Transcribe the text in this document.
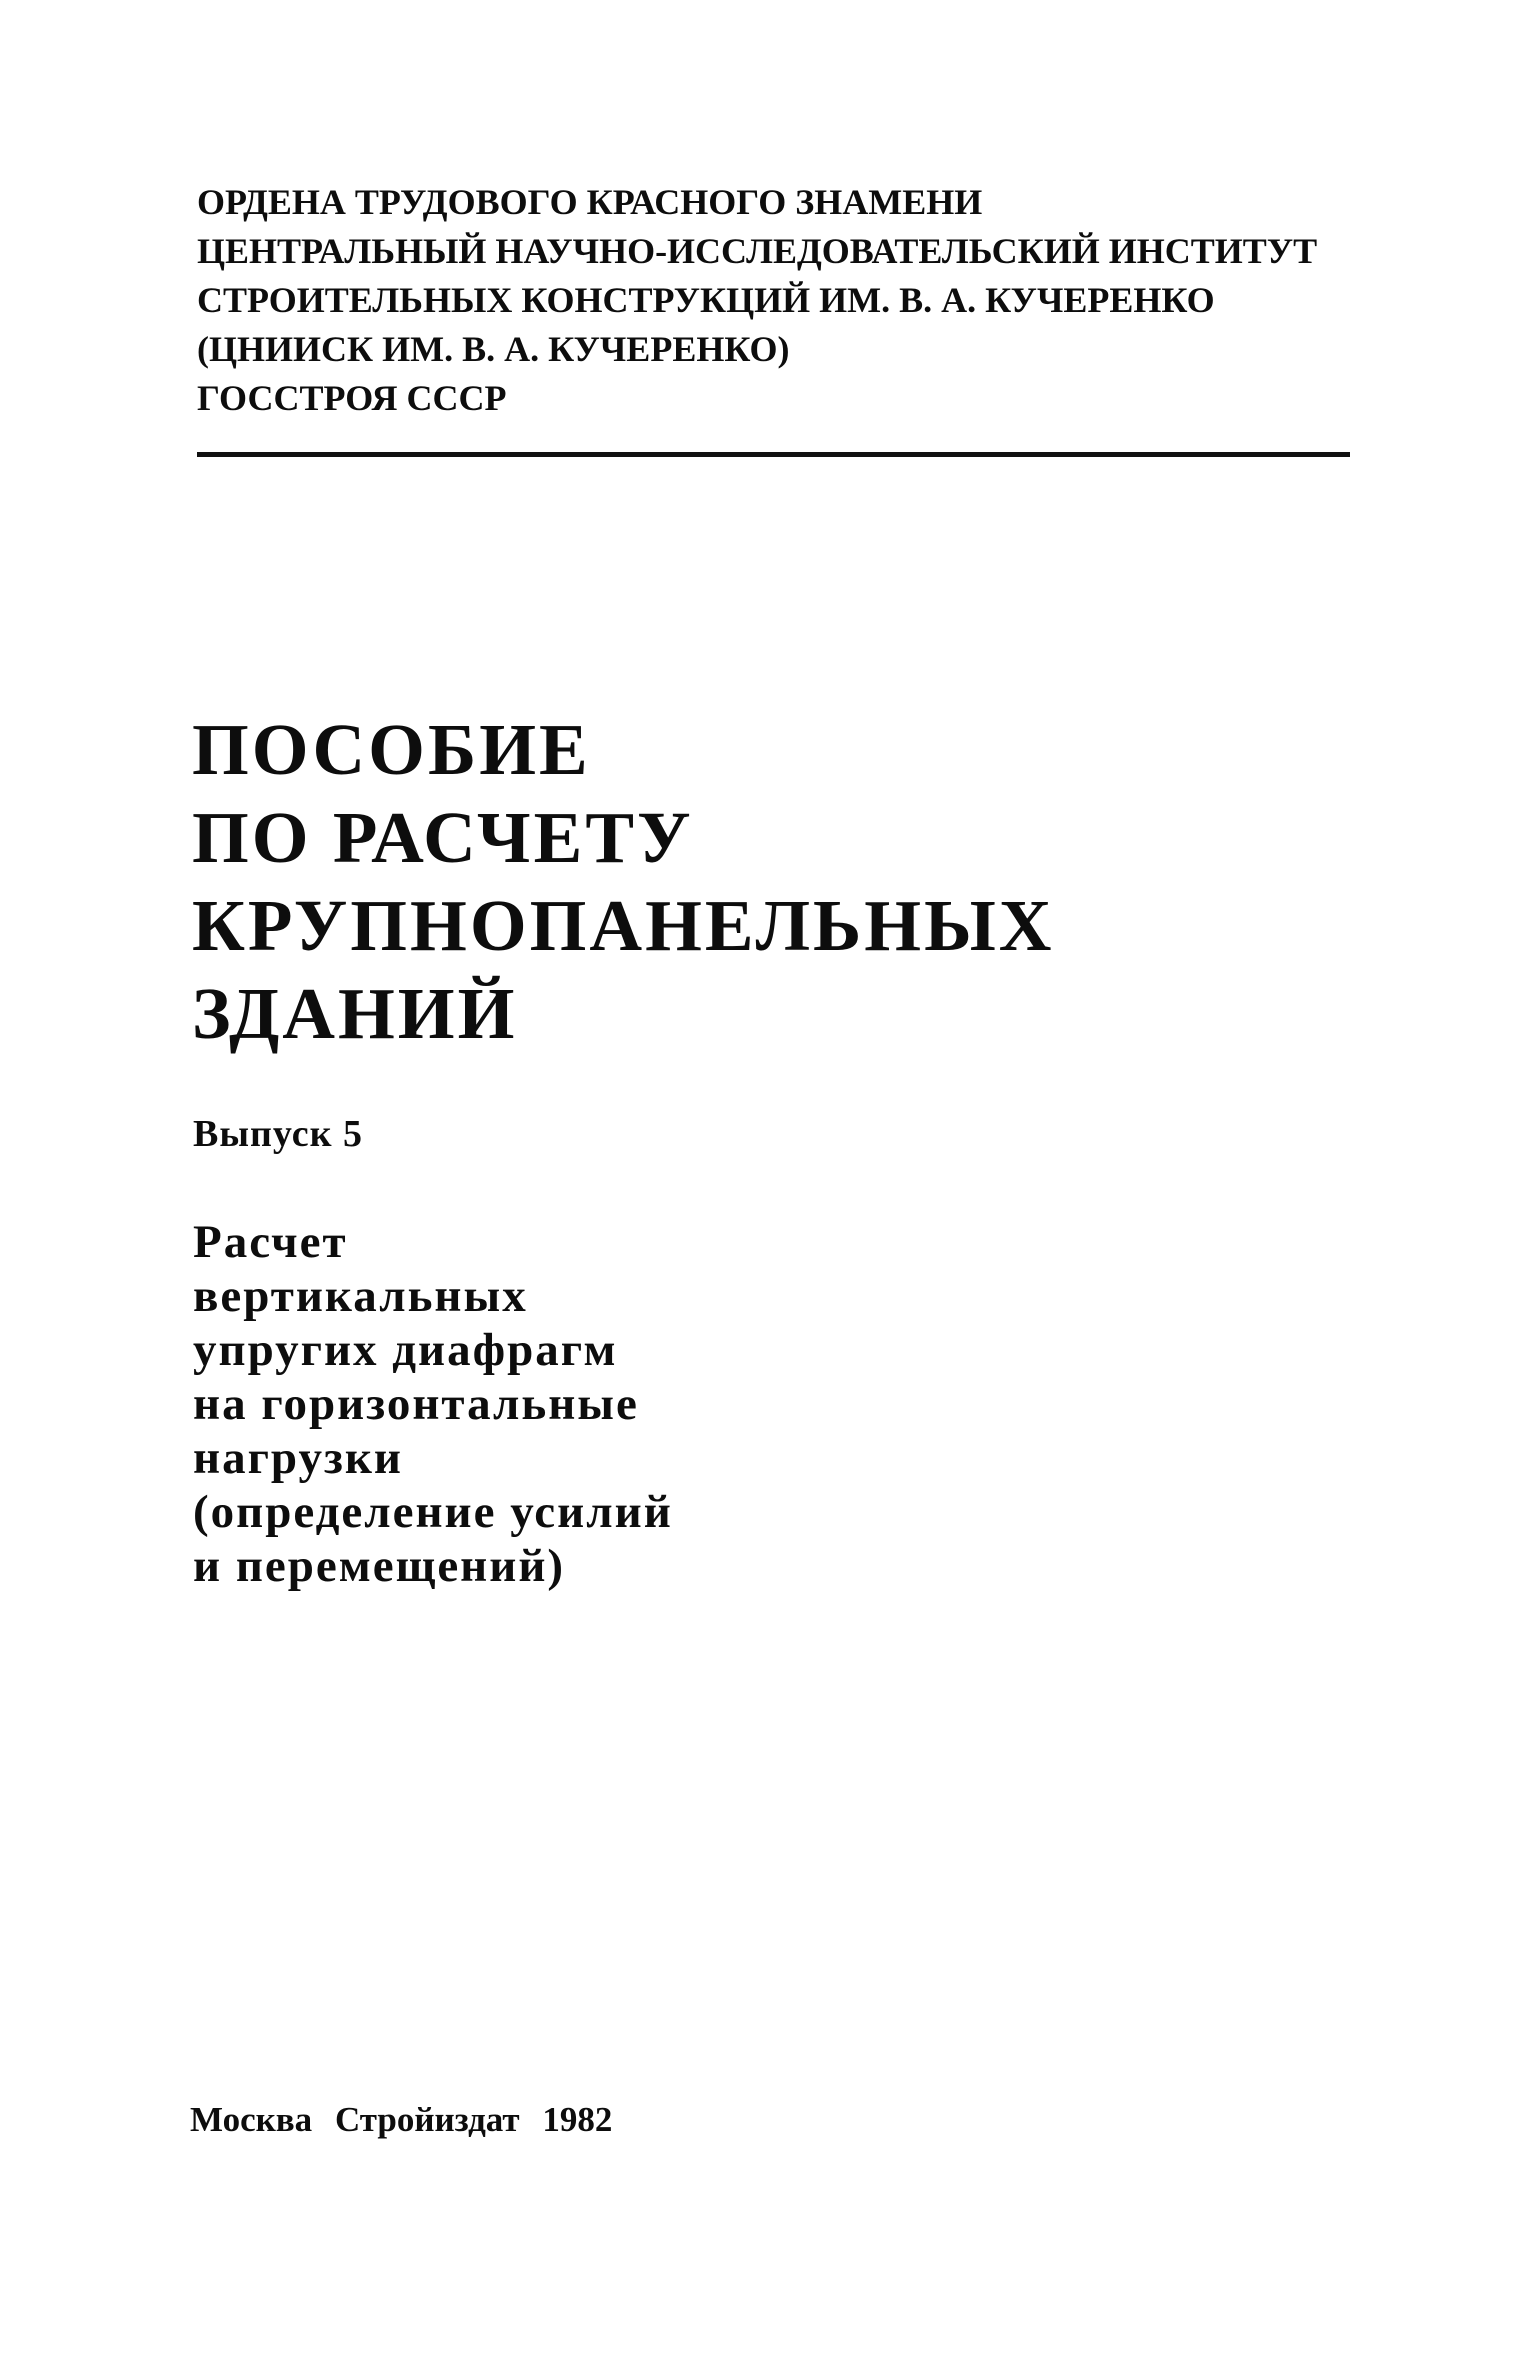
ОРДЕНА ТРУДОВОГО КРАСНОГО ЗНАМЕНИ
ЦЕНТРАЛЬНЫЙ НАУЧНО-ИССЛЕДОВАТЕЛЬСКИЙ ИНСТИТУТ
СТРОИТЕЛЬНЫХ КОНСТРУКЦИЙ ИМ. В. А. КУЧЕРЕНКО
(ЦНИИСК ИМ. В. А. КУЧЕРЕНКО)
ГОССТРОЯ СССР
ПОСОБИЕ
ПО РАСЧЕТУ
КРУПНОПАНЕЛЬНЫХ
ЗДАНИЙ
Выпуск 5
Расчет
вертикальных
упругих диафрагм
на горизонтальные
нагрузки
(определение усилий
и перемещений)
Москва Стройиздат 1982
